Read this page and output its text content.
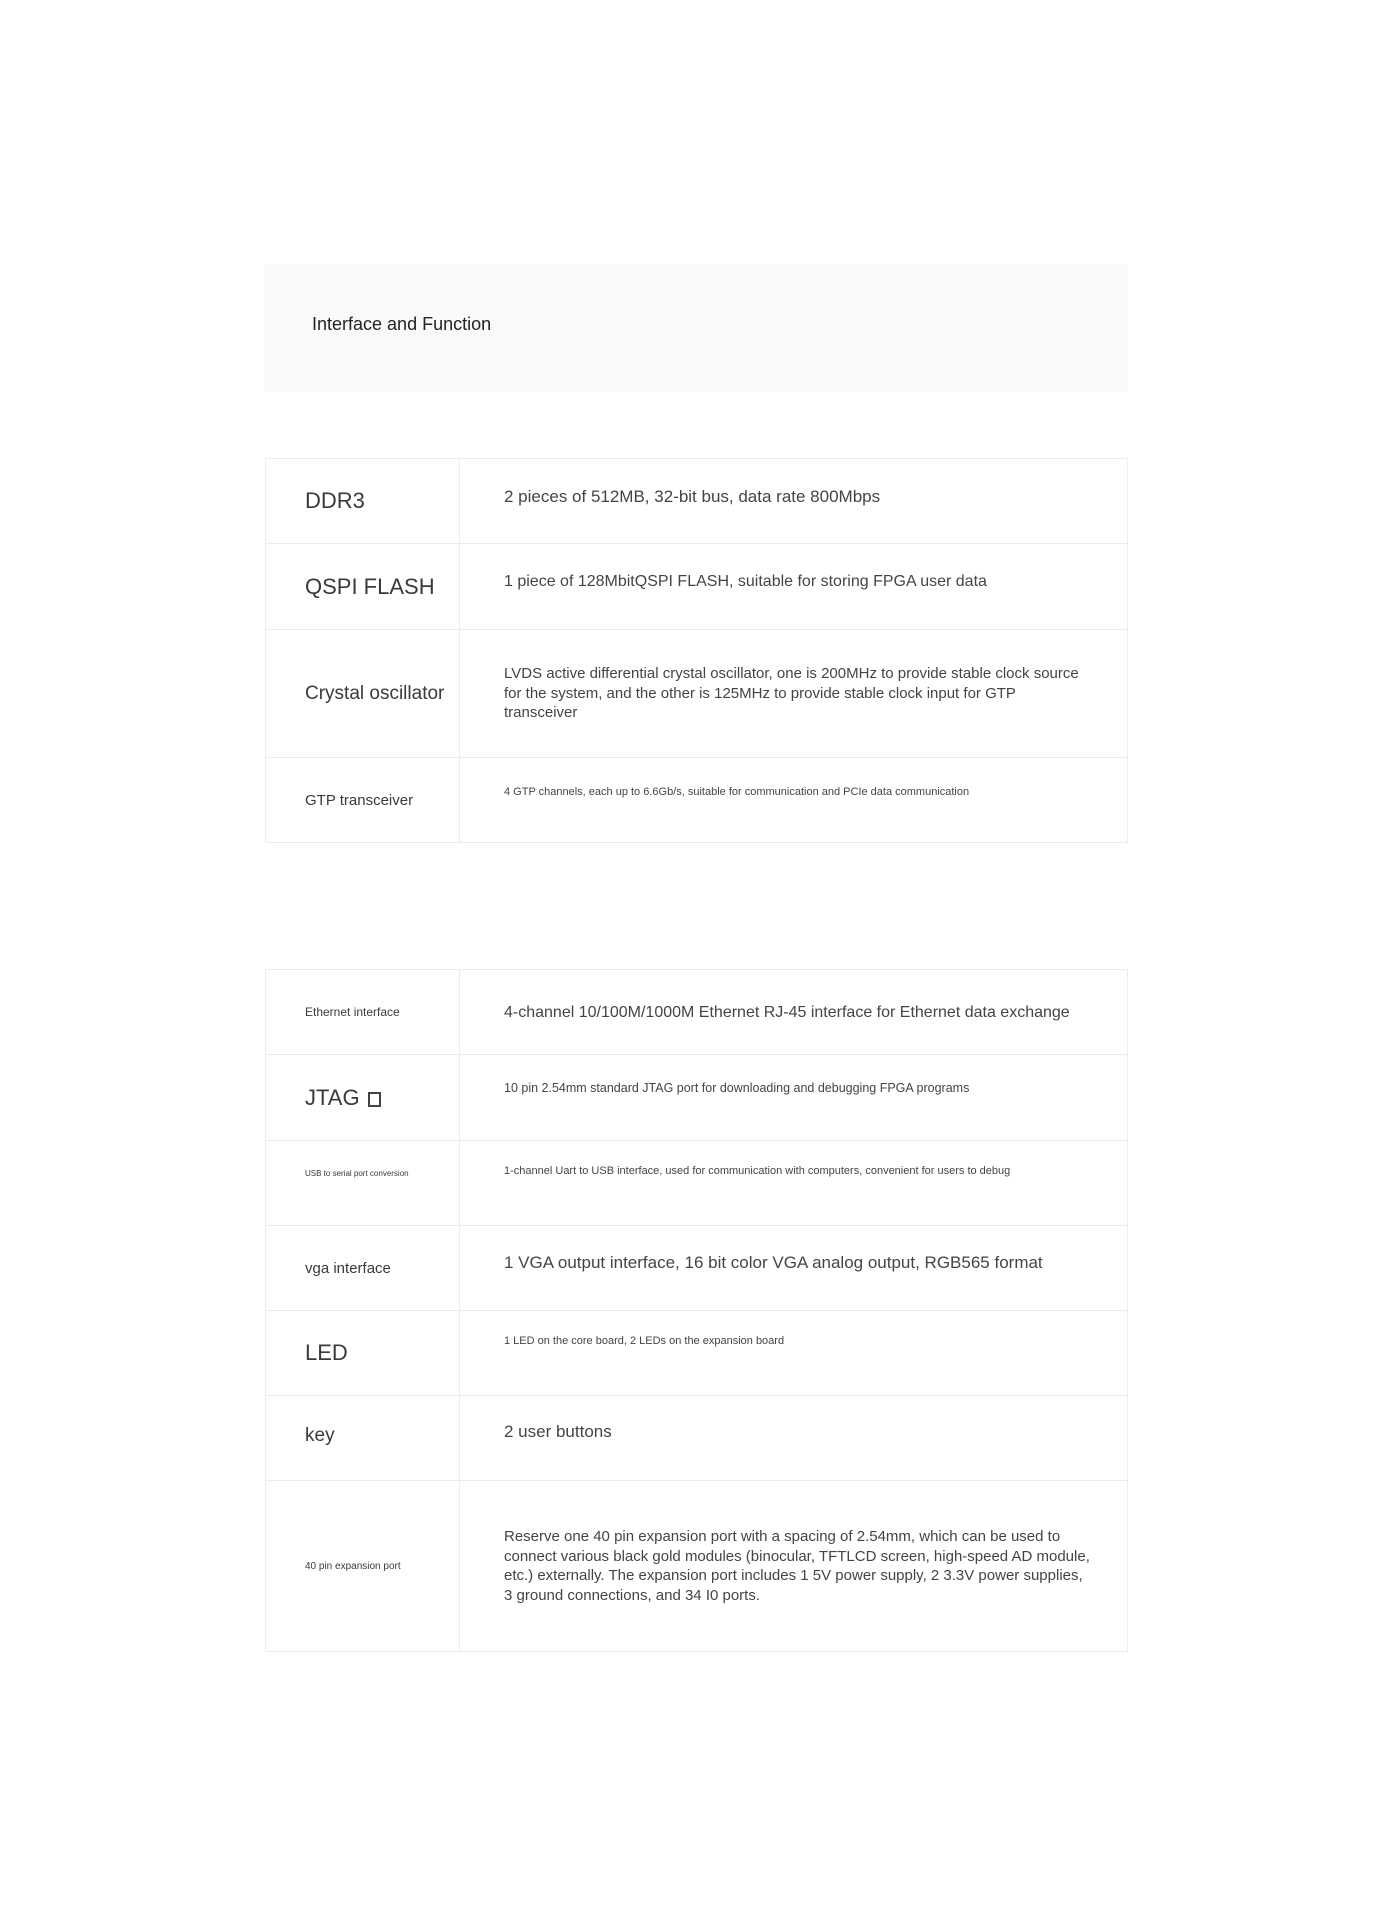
Interface and Function
DDR3	2 pieces of 512MB, 32-bit bus, data rate 800Mbps
QSPI FLASH	1 piece of 128MbitQSPI FLASH, suitable for storing FPGA user data
Crystal oscillator	LVDS active differential crystal oscillator, one is 200MHz to provide stable clock source for the system, and the other is 125MHz to provide stable clock input for GTP transceiver
GTP transceiver	4 GTP channels, each up to 6.6Gb/s, suitable for communication and PCIe data communication
Ethernet interface	4-channel 10/100M/1000M Ethernet RJ-45 interface for Ethernet data exchange
JTAG	10 pin 2.54mm standard JTAG port for downloading and debugging FPGA programs
USB to serial port conversion	1-channel Uart to USB interface, used for communication with computers, convenient for users to debug
vga interface	1 VGA output interface, 16 bit color VGA analog output, RGB565 format
LED	1 LED on the core board, 2 LEDs on the expansion board
key	2 user buttons
40 pin expansion port	Reserve one 40 pin expansion port with a spacing of 2.54mm, which can be used to connect various black gold modules (binocular, TFTLCD screen, high-speed AD module, etc.) externally. The expansion port includes 1 5V power supply, 2 3.3V power supplies, 3 ground connections, and 34 I0 ports.
